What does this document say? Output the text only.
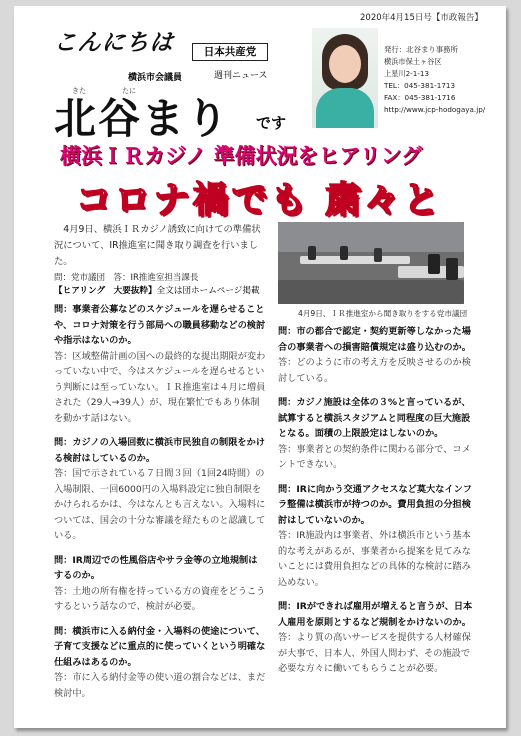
2020年4月15日号【市政報告】
こんにちは	日本共産党
横浜市会議員	週刊ニュース
きた	たに
北谷まり です
発行：北谷まり事務所
横浜市保土ヶ谷区
上星川2-1-13
TEL：045-381-1713
FAX：045-381-1716
http://www.jcp-hodogaya.jp/
横浜ＩＲカジノ 準備状況をヒアリング
コロナ禍でも 粛々と
4月9日、横浜ＩＲカジノ誘致に向けての準備状況について、IR推進室に聞き取り調査を行いました。
問：党市議団　答：IR推進室担当課長
4月9日、ＩＲ推進室から聞き取りをする党市議団
【ヒアリング　大要抜粋】全文は団ホームページ掲載
問：事業者公募などのスケジュールを遅らせることや、コロナ対策を行う部局への職員移動などの検討や指示はないのか。
答：区域整備計画の国への最終的な提出期限が変わっていない中で、今はスケジュールを遅らせるという判断には至っていない。ＩＲ推進室は４月に増員された（29人→39人）が、現在繁忙でもあり体制を動かす話はない。
問：カジノの入場回数に横浜市民独自の制限をかける検討はしているのか。
答：国で示されている７日間３回（1回24時間）の入場制限、一回6000円の入場料設定に独自制限をかけられるかは、今はなんとも言えない。入場料については、国会の十分な審議を経たものと認識している。
問：IR周辺での性風俗店やサラ金等の立地規制はするのか。
答：土地の所有権を持っている方の資産をどうこうするという話なので、検討が必要。
問：横浜市に入る納付金・入場料の使途について、子育て支援などに重点的に使っていくという明確な仕組みはあるのか。
答：市に入る納付金等の使い道の割合などは、まだ検討中。
問：市の都合で認定・契約更新等しなかった場合の事業者への損害賠償規定は盛り込むのか。
答：どのように市の考え方を反映させるのか検討している。
問：カジノ施設は全体の３%と言っているが、試算すると横浜スタジアムと同程度の巨大施設となる。面積の上限設定はしないのか。
答：事業者との契約条件に関わる部分で、コメントできない。
問：IRに向かう交通アクセスなど莫大なインフラ整備は横浜市が持つのか。費用負担の分担検討はしていないのか。
答：IR施設内は事業者、外は横浜市という基本的な考えがあるが、事業者から提案を見てみないことには費用負担などの具体的な検討に踏み込めない。
問：IRができれば雇用が増えると言うが、日本人雇用を原則とするなど規制をかけないのか。
答：より質の高いサービスを提供する人材確保が大事で、日本人、外国人問わず、その施設で必要な方々に働いてもらうことが必要。
